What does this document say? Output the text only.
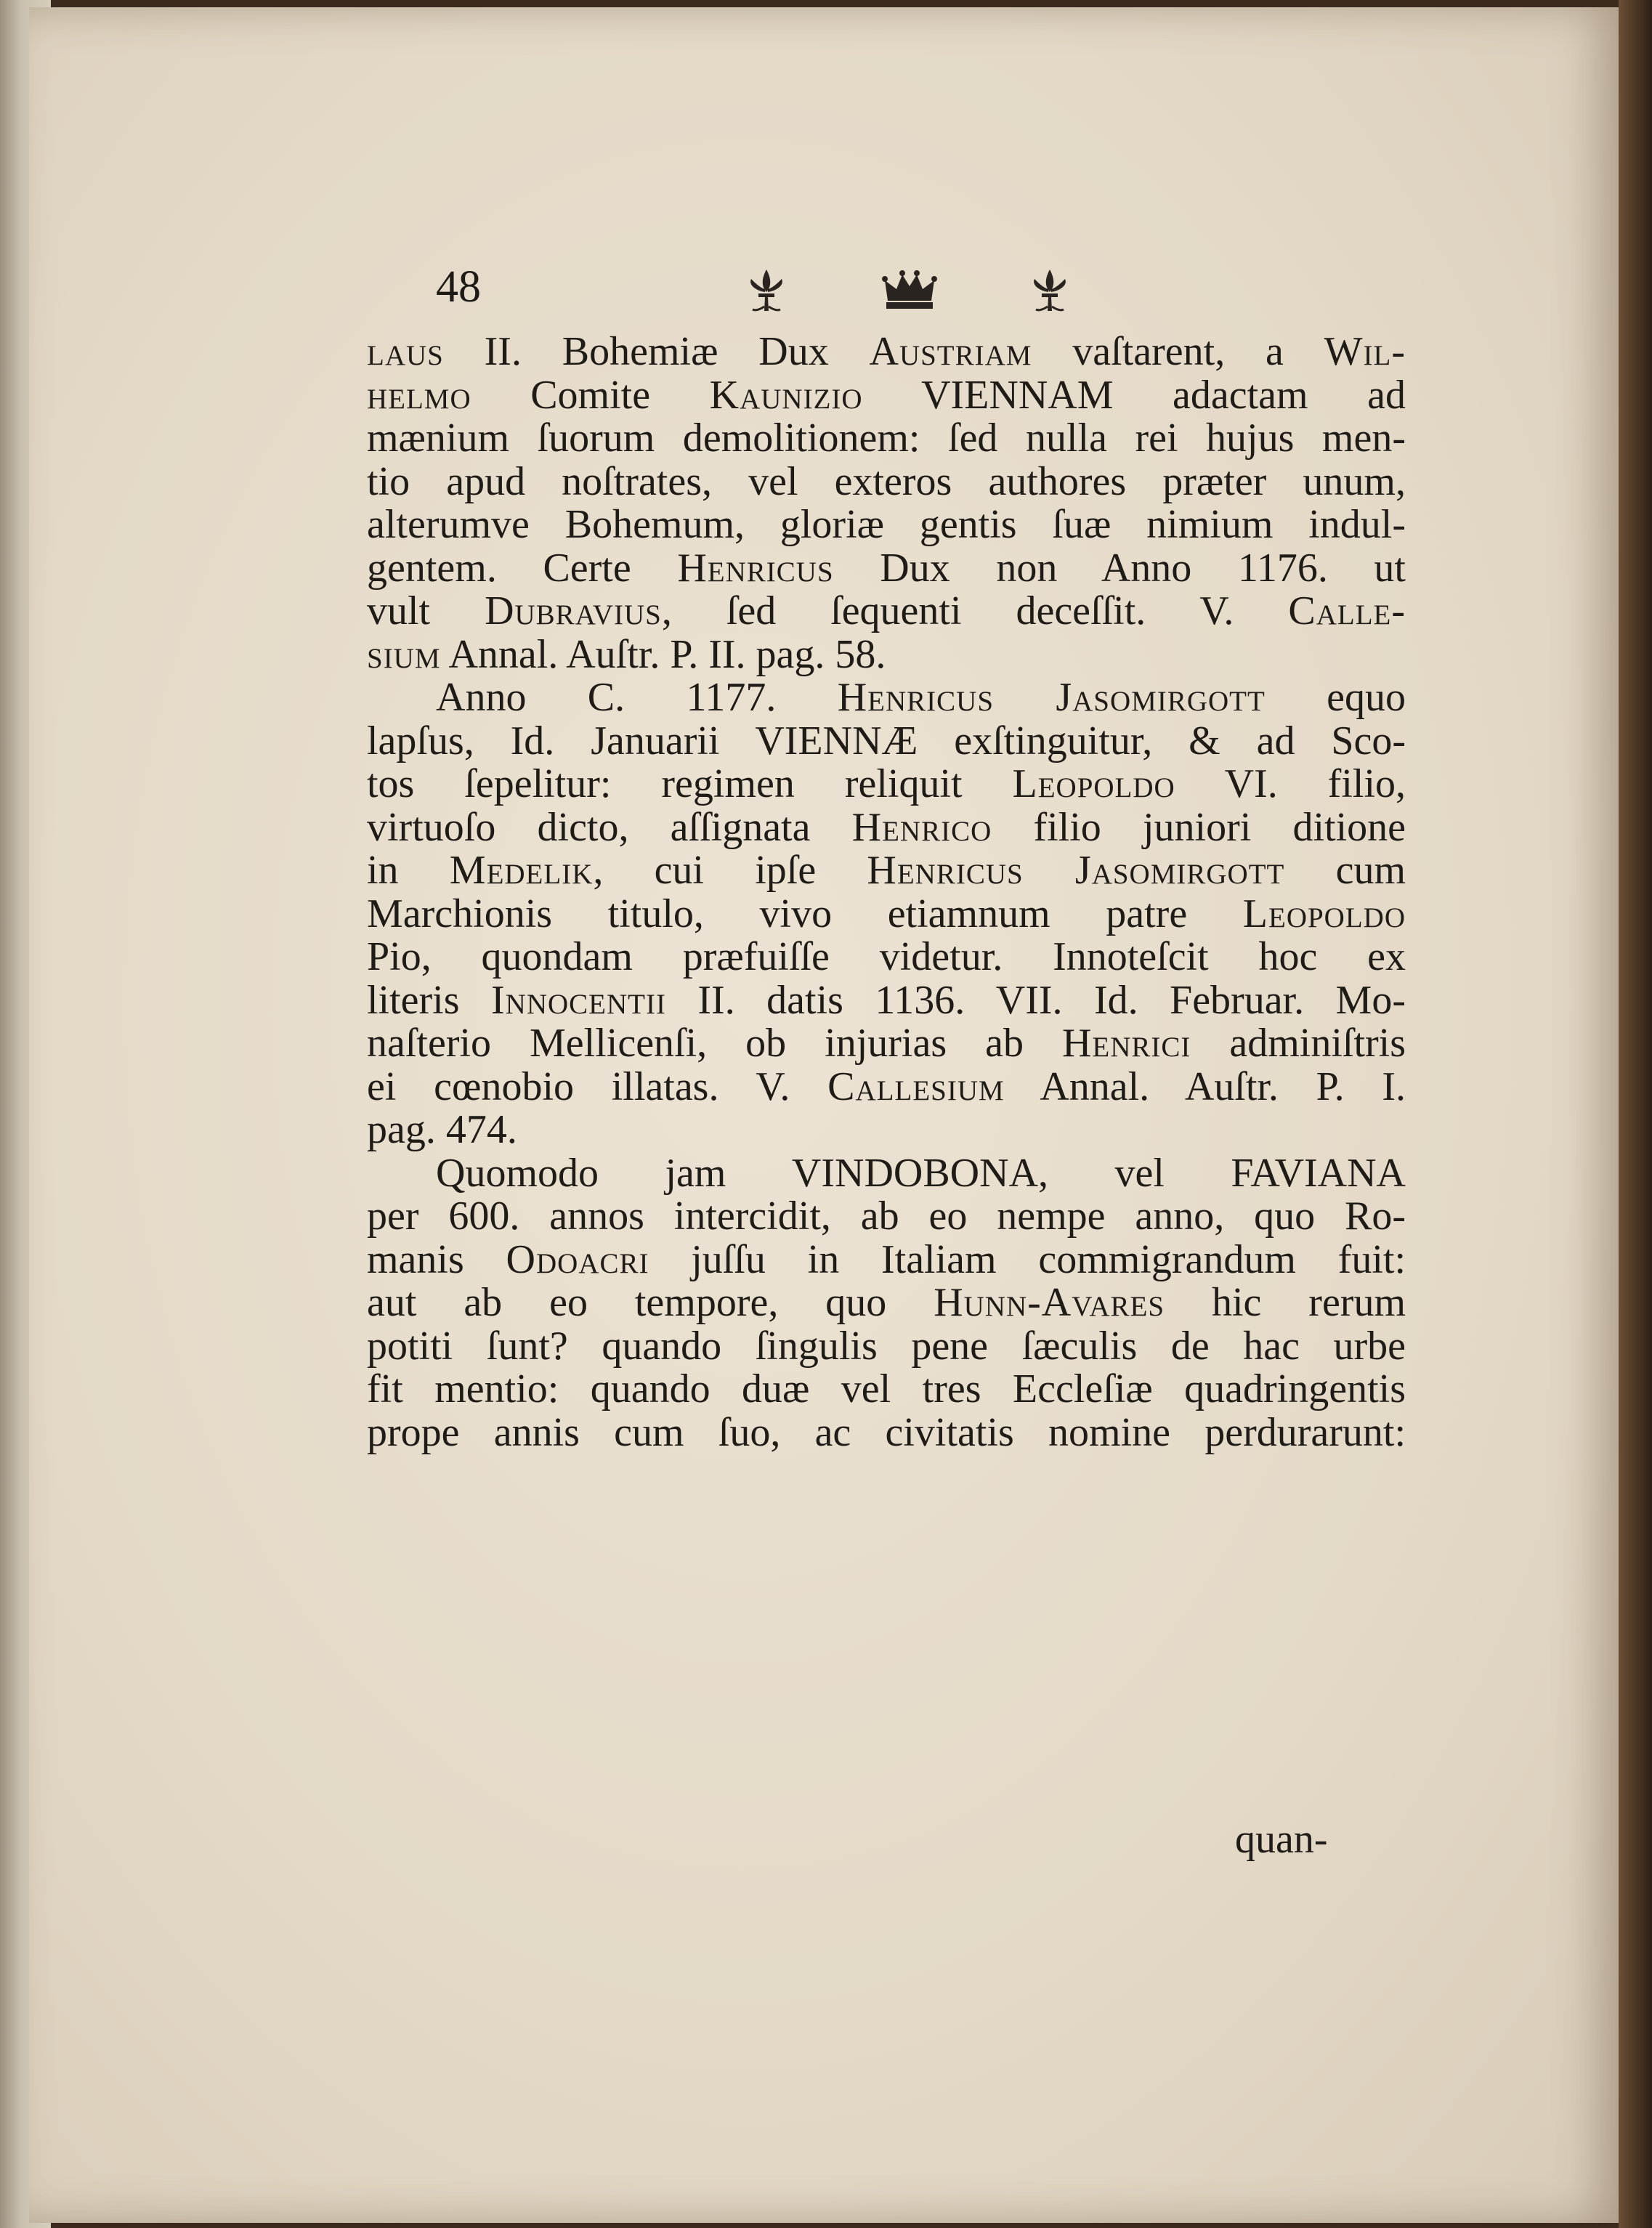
48
laus II. Bohemiæ Dux Austriam vaſtarent, a Wil-
helmo Comite Kaunizio VIENNAM adactam ad
mænium ſuorum demolitionem: ſed nulla rei hujus men-
tio apud noſtrates, vel exteros authores præter unum,
alterumve Bohemum, gloriæ gentis ſuæ nimium indul-
gentem. Certe Henricus Dux non Anno 1176. ut
vult Dubravius, ſed ſequenti deceſſit. V. Calle-
sium Annal. Auſtr. P. II. pag. 58.
Anno C. 1177. Henricus Jasomirgott equo
lapſus, Id. Januarii VIENNÆ exſtinguitur, & ad Sco-
tos ſepelitur: regimen reliquit Leopoldo VI. filio,
virtuoſo dicto, aſſignata Henrico filio juniori ditione
in Medelik, cui ipſe Henricus Jasomirgott cum
Marchionis titulo, vivo etiamnum patre Leopoldo
Pio, quondam præfuiſſe videtur. Innoteſcit hoc ex
literis Innocentii II. datis 1136. VII. Id. Februar. Mo-
naſterio Mellicenſi, ob injurias ab Henrici adminiſtris
ei cœnobio illatas. V. Callesium Annal. Auſtr. P. I.
pag. 474.
Quomodo jam VINDOBONA, vel FAVIANA
per 600. annos intercidit, ab eo nempe anno, quo Ro-
manis Odoacri juſſu in Italiam commigrandum fuit:
aut ab eo tempore, quo Hunn-Avares hic rerum
potiti ſunt? quando ſingulis pene ſæculis de hac urbe
fit mentio: quando duæ vel tres Eccleſiæ quadringentis
prope annis cum ſuo, ac civitatis nomine perdurarunt:
quan-
